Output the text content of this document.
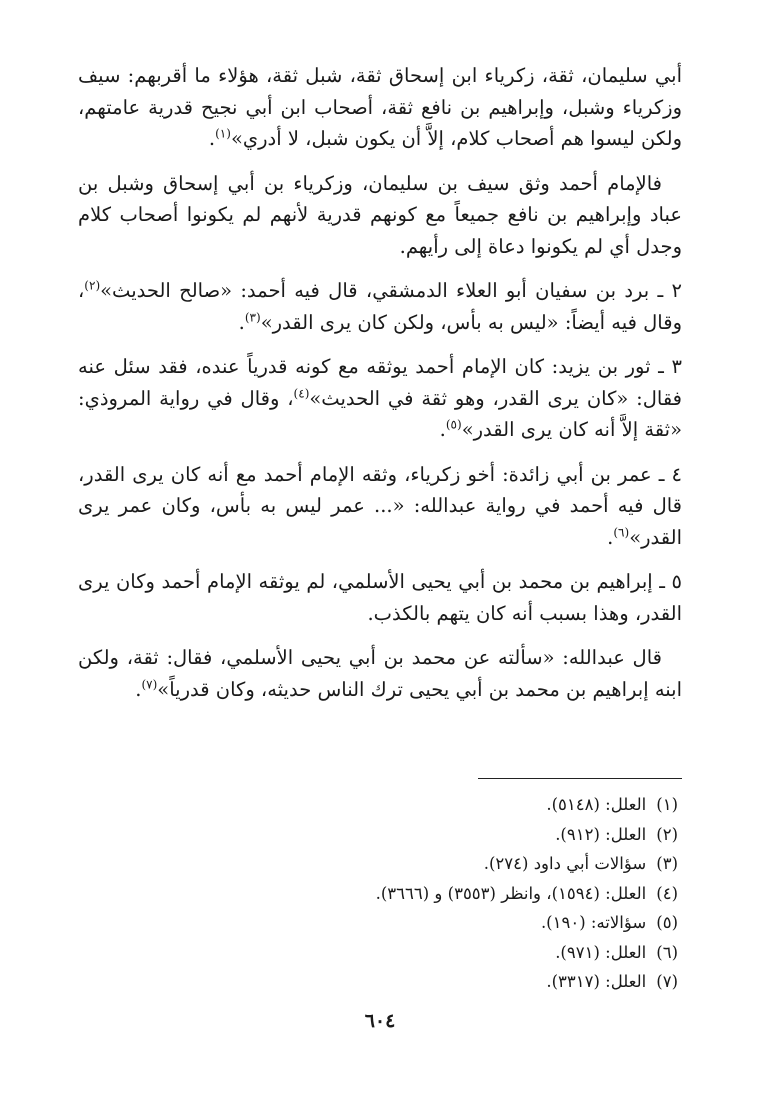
أبي سليمان، ثقة، زكرياء ابن إسحاق ثقة، شبل ثقة، هؤلاء ما أقربهم: سيف وزكرياء وشبل، وإبراهيم بن نافع ثقة، أصحاب ابن أبي نجيح قدرية عامتهم، ولكن ليسوا هم أصحاب كلام، إلاَّ أن يكون شبل، لا أدري»$^{(١)}$.

فالإمام أحمد وثق سيف بن سليمان، وزكرياء بن أبي إسحاق وشبل بن عباد وإبراهيم بن نافع جميعاً مع كونهم قدرية لأنهم لم يكونوا أصحاب كلام وجدل أي لم يكونوا دعاة إلى رأيهم.

٢ ـ برد بن سفيان أبو العلاء الدمشقي، قال فيه أحمد: «صالح الحديث»$^{(٢)}$، وقال فيه أيضاً: «ليس به بأس، ولكن كان يرى القدر»$^{(٣)}$.

٣ ـ ثور بن يزيد: كان الإمام أحمد يوثقه مع كونه قدرياً عنده، فقد سئل عنه فقال: «كان يرى القدر، وهو ثقة في الحديث»$^{(٤)}$، وقال في رواية المروذي: «ثقة إلاَّ أنه كان يرى القدر»$^{(٥)}$.

٤ ـ عمر بن أبي زائدة: أخو زكرياء، وثقه الإمام أحمد مع أنه كان يرى القدر، قال فيه أحمد في رواية عبدالله: «... عمر ليس به بأس، وكان عمر يرى القدر»$^{(٦)}$.

٥ ـ إبراهيم بن محمد بن أبي يحيى الأسلمي، لم يوثقه الإمام أحمد وكان يرى القدر، وهذا بسبب أنه كان يتهم بالكذب.

قال عبدالله: «سألته عن محمد بن أبي يحيى الأسلمي، فقال: ثقة، ولكن ابنه إبراهيم بن محمد بن أبي يحيى ترك الناس حديثه، وكان قدرياً»$^{(٧)}$.

(١)العلل: (٥١٤٨).
(٢)العلل: (٩١٢).
(٣)سؤالات أبي داود (٢٧٤).
(٤)العلل: (١٥٩٤)، وانظر (٣٥٥٣) و (٣٦٦٦).
(٥)سؤالاته: (١٩٠).
(٦)العلل: (٩٧١).
(٧)العلل: (٣٣١٧).
٦٠٤
